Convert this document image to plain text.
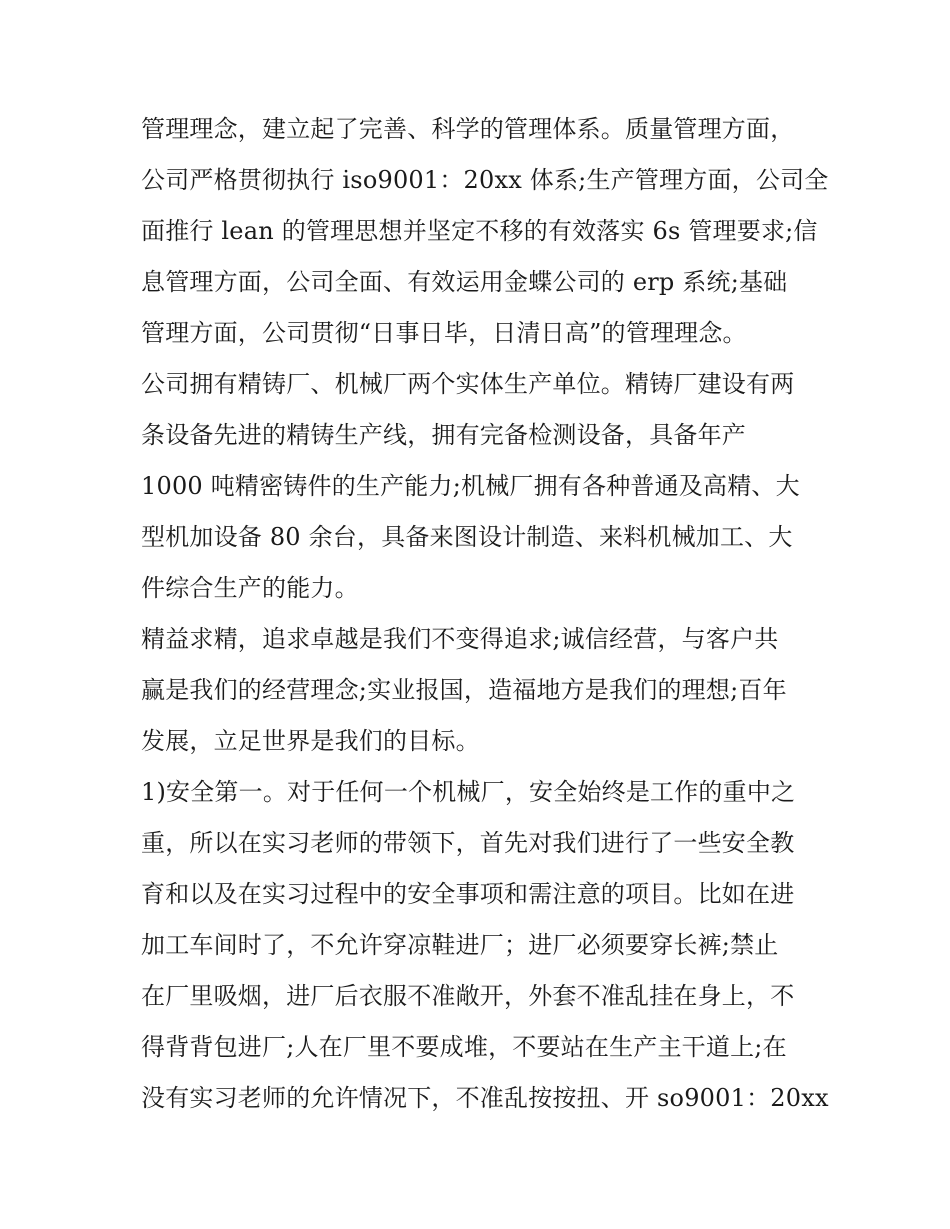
管理理念，建立起了完善、科学的管理体系。质量管理方面，
公司严格贯彻执行 iso9001：20xx 体系;生产管理方面，公司全
面推行 lean 的管理思想并坚定不移的有效落实 6s 管理要求;信
息管理方面，公司全面、有效运用金蝶公司的 erp 系统;基础
管理方面，公司贯彻“日事日毕，日清日高”的管理理念。
公司拥有精铸厂、机械厂两个实体生产单位。精铸厂建设有两
条设备先进的精铸生产线，拥有完备检测设备，具备年产
1000 吨精密铸件的生产能力;机械厂拥有各种普通及高精、大
型机加设备 80 余台，具备来图设计制造、来料机械加工、大
件综合生产的能力。
精益求精，追求卓越是我们不变得追求;诚信经营，与客户共
赢是我们的经营理念;实业报国，造福地方是我们的理想;百年
发展，立足世界是我们的目标。
1)安全第一。对于任何一个机械厂，安全始终是工作的重中之
重，所以在实习老师的带领下，首先对我们进行了一些安全教
育和以及在实习过程中的安全事项和需注意的项目。比如在进
加工车间时了，不允许穿凉鞋进厂；进厂必须要穿长裤;禁止
在厂里吸烟，进厂后衣服不准敞开，外套不准乱挂在身上，不
得背背包进厂;人在厂里不要成堆，不要站在生产主干道上;在
没有实习老师的允许情况下，不准乱按按扭、开 so9001：20xx
